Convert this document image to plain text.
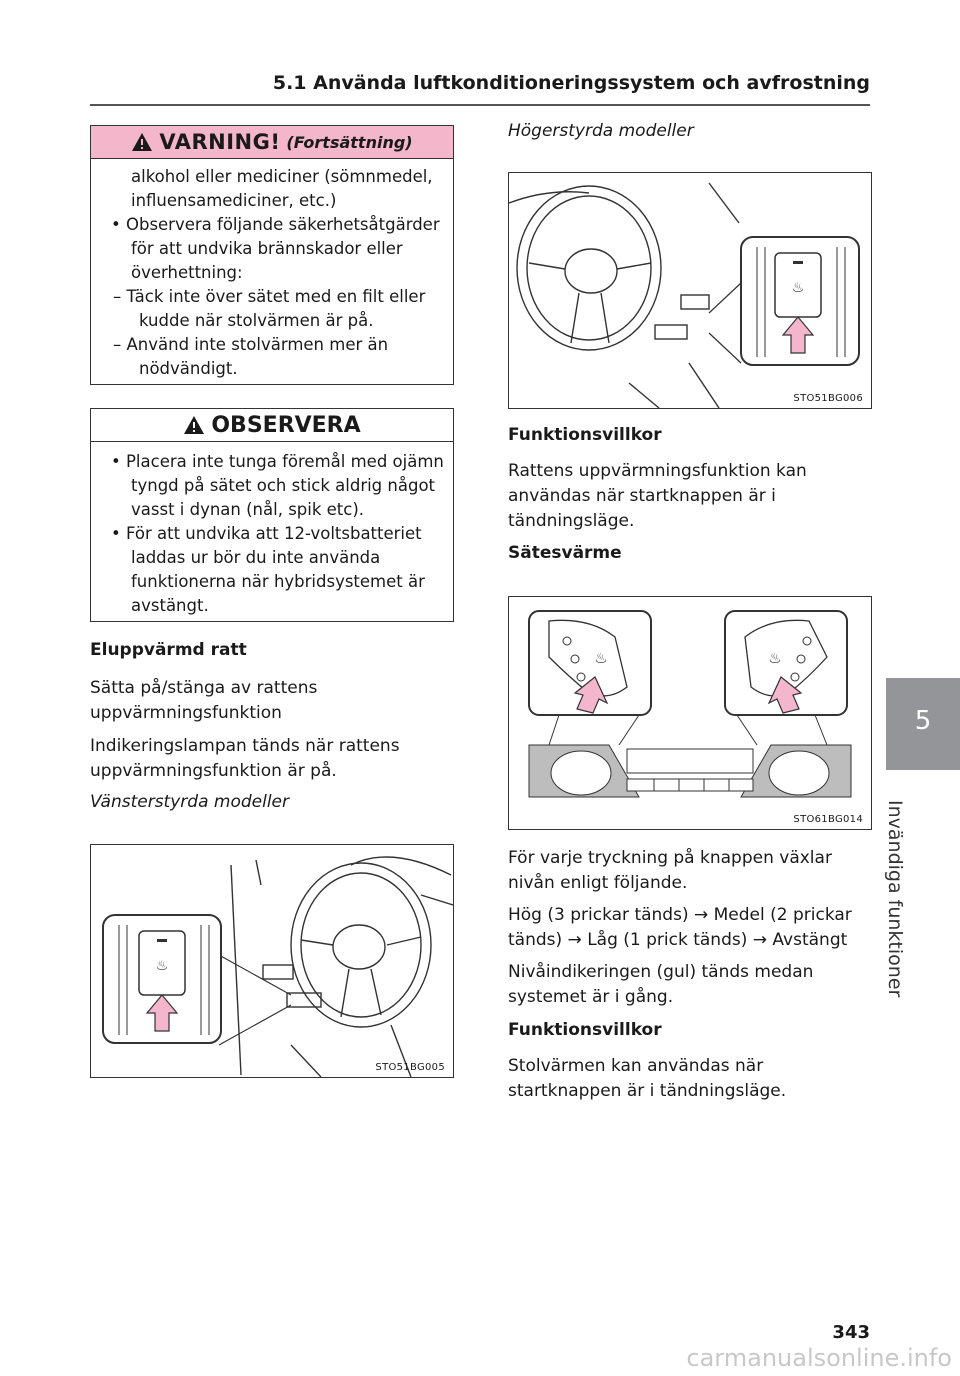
5.1 Använda luftkonditioneringssystem och avfrostning
VARNING! (Fortsättning)
alkohol eller mediciner (sömnmedel,
influensamediciner, etc.)
• Observera följande säkerhetsåtgärder
för att undvika brännskador eller
överhettning:
– Täck inte över sätet med en filt eller
kudde när stolvärmen är på.
– Använd inte stolvärmen mer än
nödvändigt.
OBSERVERA
• Placera inte tunga föremål med ojämn
tyngd på sätet och stick aldrig något
vasst i dynan (nål, spik etc).
• För att undvika att 12-voltsbatteriet
laddas ur bör du inte använda
funktionerna när hybridsystemet är
avstängt.
Eluppvärmd ratt
Sätta på/stänga av rattens
uppvärmningsfunktion
Indikeringslampan tänds när rattens
uppvärmningsfunktion är på.
Vänsterstyrda modeller
♨
STO51BG005
Högerstyrda modeller
♨
STO51BG006
Funktionsvillkor
Rattens uppvärmningsfunktion kan
användas när startknappen är i
tändningsläge.
Sätesvärme
♨	♨
STO61BG014
För varje tryckning på knappen växlar
nivån enligt följande.
Hög (3 prickar tänds) → Medel (2 prickar
tänds) → Låg (1 prick tänds) → Avstängt
Nivåindikeringen (gul) tänds medan
systemet är i gång.
Funktionsvillkor
Stolvärmen kan användas när
startknappen är i tändningsläge.
5
Invändiga funktioner
343
carmanualsonline.info
